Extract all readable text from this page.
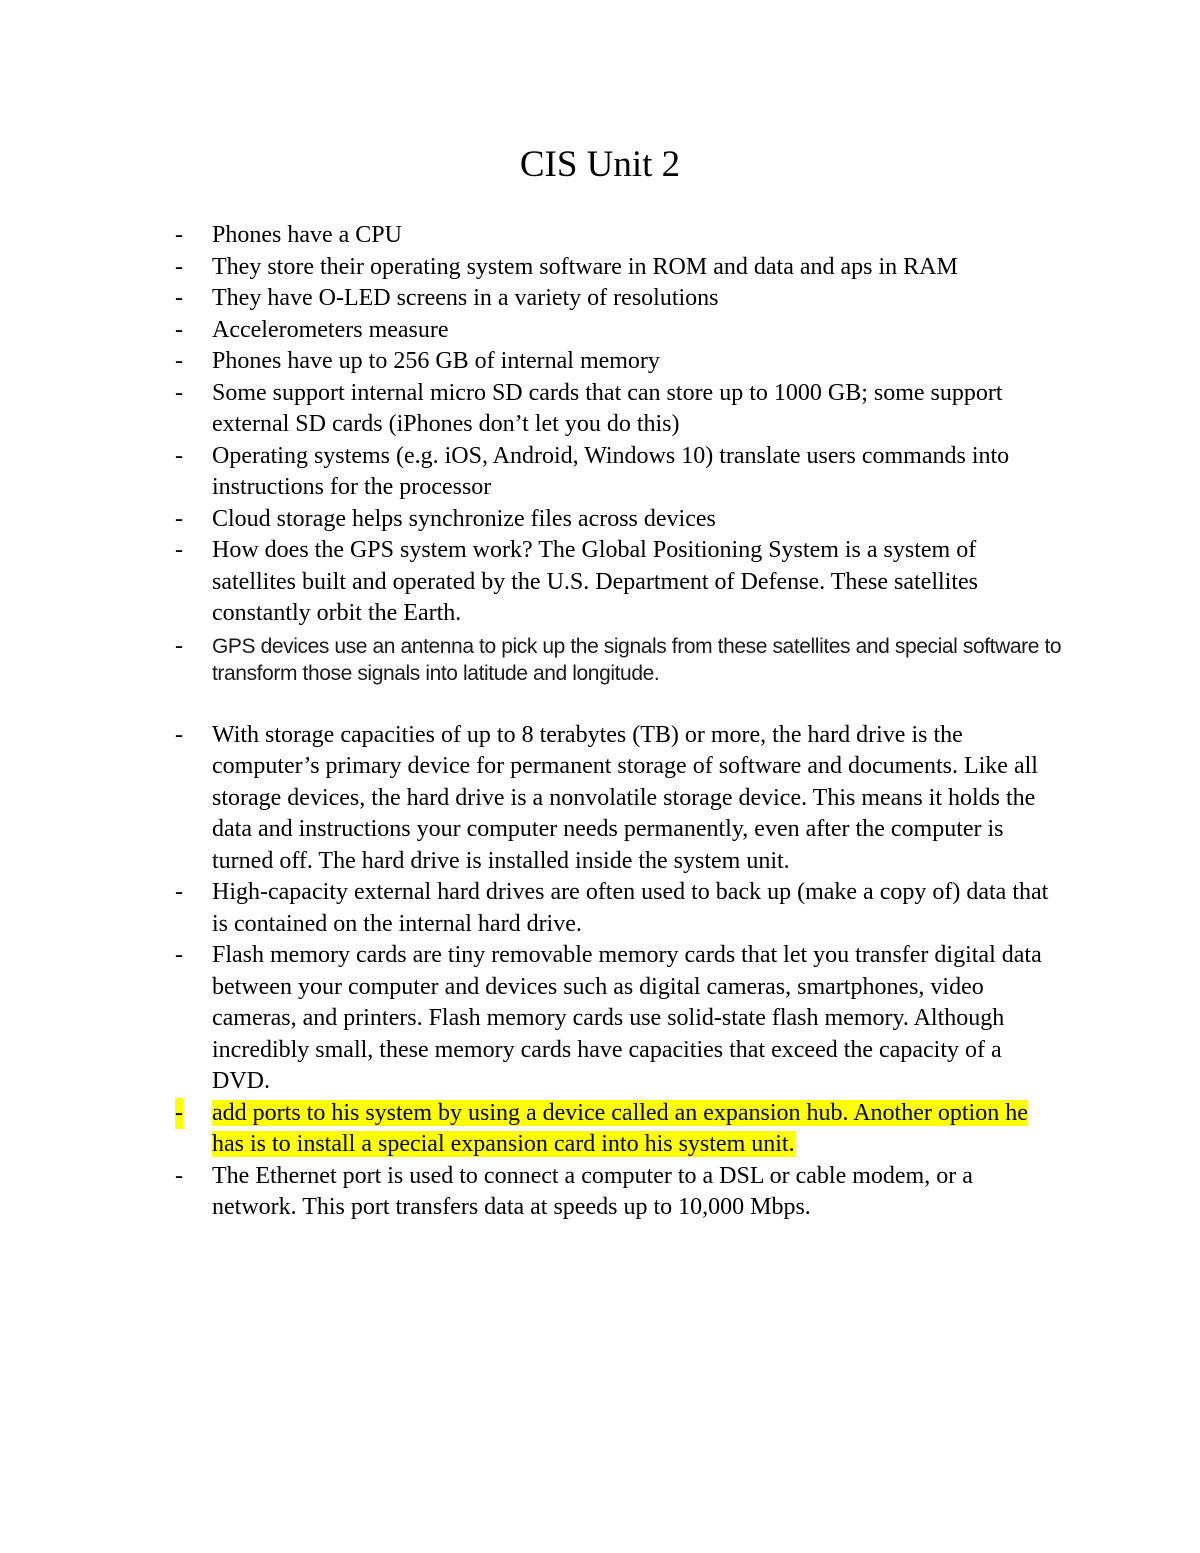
CIS Unit 2
- Phones have a CPU
- They store their operating system software in ROM and data and aps in RAM
- They have O-LED screens in a variety of resolutions
- Accelerometers measure
- Phones have up to 256 GB of internal memory
- Some support internal micro SD cards that can store up to 1000 GB; some support external SD cards (iPhones don’t let you do this)
- Operating systems (e.g. iOS, Android, Windows 10) translate users commands into instructions for the processor
- Cloud storage helps synchronize files across devices
- How does the GPS system work? The Global Positioning System is a system of satellites built and operated by the U.S. Department of Defense. These satellites constantly orbit the Earth.
- GPS devices use an antenna to pick up the signals from these satellites and special software to transform those signals into latitude and longitude.
- With storage capacities of up to 8 terabytes (TB) or more, the hard drive is the computer’s primary device for permanent storage of software and documents. Like all storage devices, the hard drive is a nonvolatile storage device. This means it holds the data and instructions your computer needs permanently, even after the computer is turned off. The hard drive is installed inside the system unit.
- High-capacity external hard drives are often used to back up (make a copy of) data that is contained on the internal hard drive.
- Flash memory cards are tiny removable memory cards that let you transfer digital data between your computer and devices such as digital cameras, smartphones, video cameras, and printers. Flash memory cards use solid-state flash memory. Although incredibly small, these memory cards have capacities that exceed the capacity of a DVD.
- add ports to his system by using a device called an expansion hub. Another option he has is to install a special expansion card into his system unit.
- The Ethernet port is used to connect a computer to a DSL or cable modem, or a network. This port transfers data at speeds up to 10,000 Mbps.
